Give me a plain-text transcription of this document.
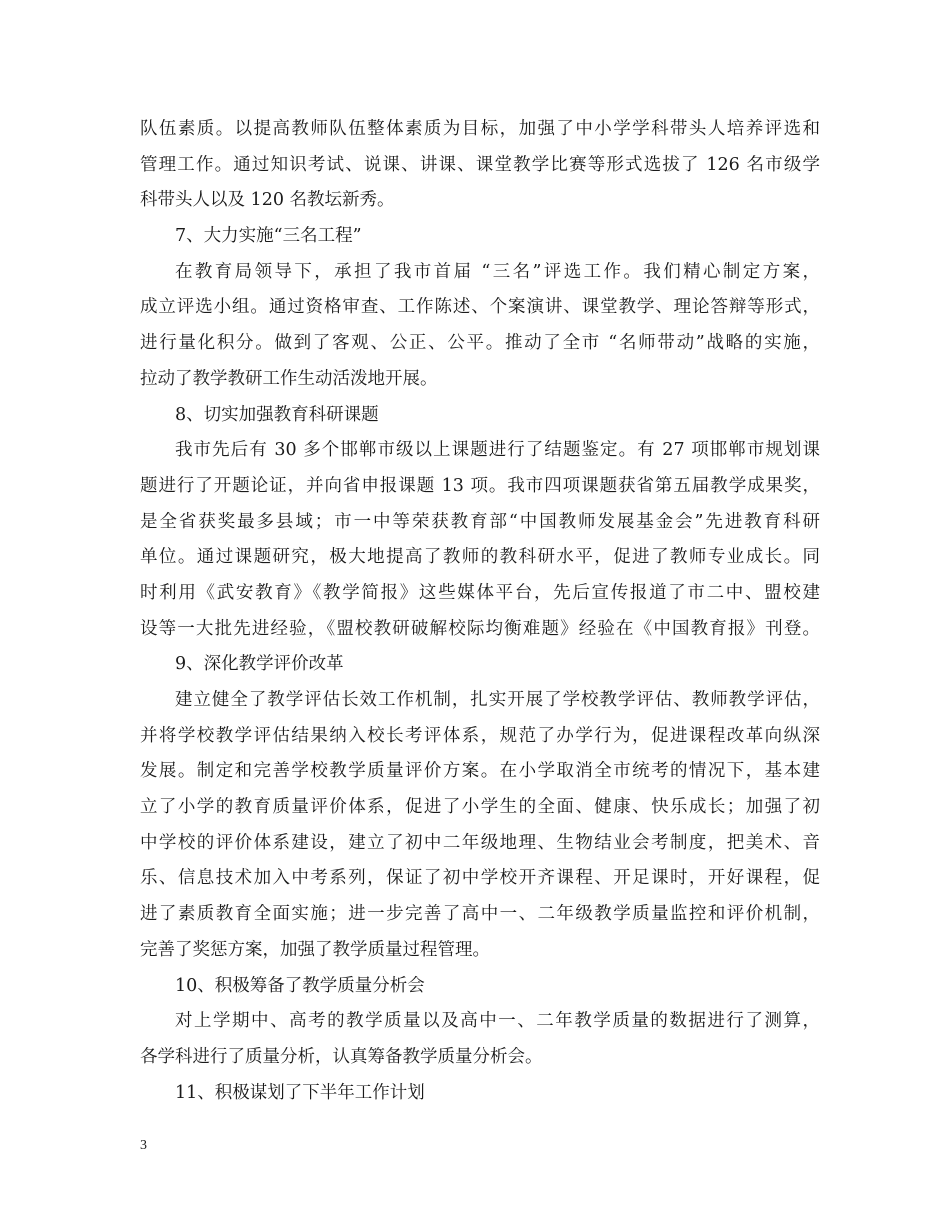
队伍素质。以提高教师队伍整体素质为目标，加强了中小学学科带头人培养评选和
管理工作。通过知识考试、说课、讲课、课堂教学比赛等形式选拔了 126 名市级学
科带头人以及 120 名教坛新秀。
7、大力实施“三名工程”
在教育局领导下，承担了我市首届 “三名”评选工作。我们精心制定方案，
成立评选小组。通过资格审查、工作陈述、个案演讲、课堂教学、理论答辩等形式，
进行量化积分。做到了客观、公正、公平。推动了全市 “名师带动”战略的实施，
拉动了教学教研工作生动活泼地开展。
8、切实加强教育科研课题
我市先后有 30 多个邯郸市级以上课题进行了结题鉴定。有 27 项邯郸市规划课
题进行了开题论证，并向省申报课题 13 项。我市四项课题获省第五届教学成果奖，
是全省获奖最多县域；市一中等荣获教育部“中国教师发展基金会”先进教育科研
单位。通过课题研究，极大地提高了教师的教科研水平，促进了教师专业成长。同
时利用《武安教育》《教学简报》这些媒体平台，先后宣传报道了市二中、盟校建
设等一大批先进经验，《盟校教研破解校际均衡难题》经验在《中国教育报》刊登。
9、深化教学评价改革
建立健全了教学评估长效工作机制，扎实开展了学校教学评估、教师教学评估，
并将学校教学评估结果纳入校长考评体系，规范了办学行为，促进课程改革向纵深
发展。制定和完善学校教学质量评价方案。在小学取消全市统考的情况下，基本建
立了小学的教育质量评价体系，促进了小学生的全面、健康、快乐成长；加强了初
中学校的评价体系建设，建立了初中二年级地理、生物结业会考制度，把美术、音
乐、信息技术加入中考系列，保证了初中学校开齐课程、开足课时，开好课程，促
进了素质教育全面实施；进一步完善了高中一、二年级教学质量监控和评价机制，
完善了奖惩方案，加强了教学质量过程管理。
10、积极筹备了教学质量分析会
对上学期中、高考的教学质量以及高中一、二年教学质量的数据进行了测算，
各学科进行了质量分析，认真筹备教学质量分析会。
11、积极谋划了下半年工作计划
3
